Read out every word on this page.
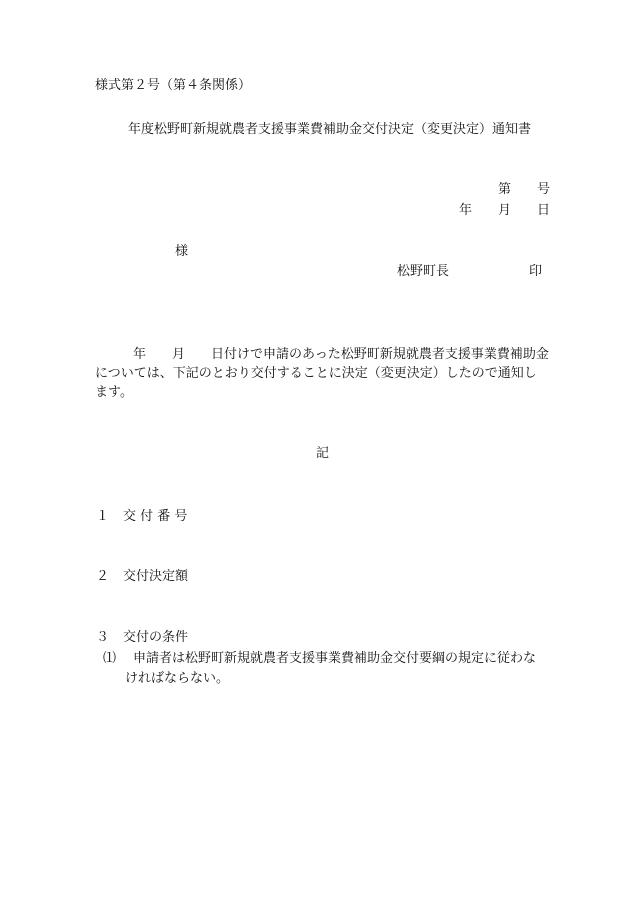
様式第２号（第４条関係）
年度松野町新規就農者支援事業費補助金交付決定（変更決定）通知書
第　　号
年　　月　　日
様
松野町長	印
年　　月　　日付けで申請のあった松野町新規就農者支援事業費補助金
については、下記のとおり交付することに決定（変更決定）したので通知し
ます。
記
１ 交 付 番 号
２ 交付決定額
３ 交付の条件
⑴ 申請者は松野町新規就農者支援事業費補助金交付要綱の規定に従わな
ければならない。
